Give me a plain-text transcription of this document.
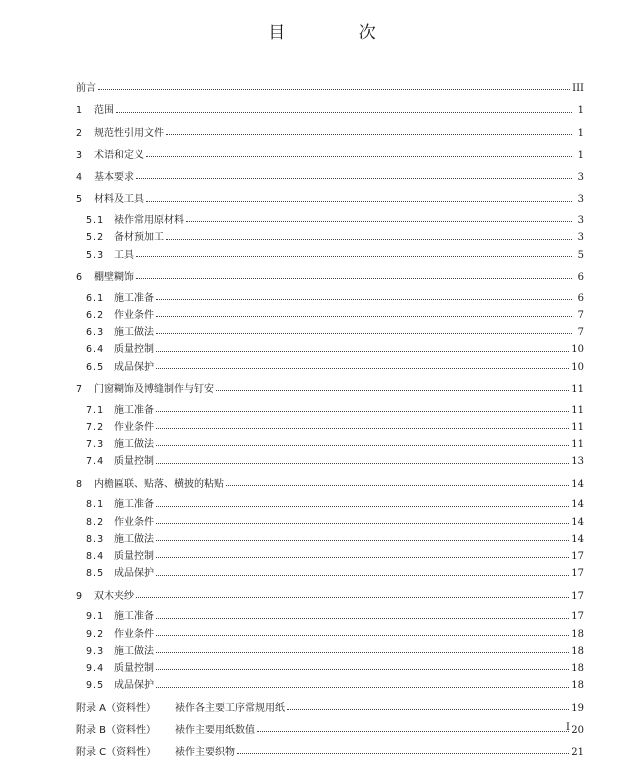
目 次
前言	III
1	范围	1
2	规范性引用文件	1
3	术语和定义	1
4	基本要求	3
5	材料及工具	3
5.1 裱作常用原材料	3
5.2 备材预加工	3
5.3 工具	5
6	棚壁糊饰	6
6.1 施工准备	6
6.2 作业条件	7
6.3 施工做法	7
6.4 质量控制	10
6.5 成品保护	10
7	门窗糊饰及博缝制作与钉安	11
7.1 施工准备	11
7.2 作业条件	11
7.3 施工做法	11
7.4 质量控制	13
8	内檐匾联、贴落、横披的粘贴	14
8.1 施工准备	14
8.2 作业条件	14
8.3 施工做法	14
8.4 质量控制	17
8.5 成品保护	17
9	双木夹纱	17
9.1 施工准备	17
9.2 作业条件	18
9.3 施工做法	18
9.4 质量控制	18
9.5 成品保护	18
附录 A（资料性）	裱作各主要工序常规用纸	19
附录 B（资料性）	裱作主要用纸数值	20
附录 C（资料性）	裱作主要织物	21
I
